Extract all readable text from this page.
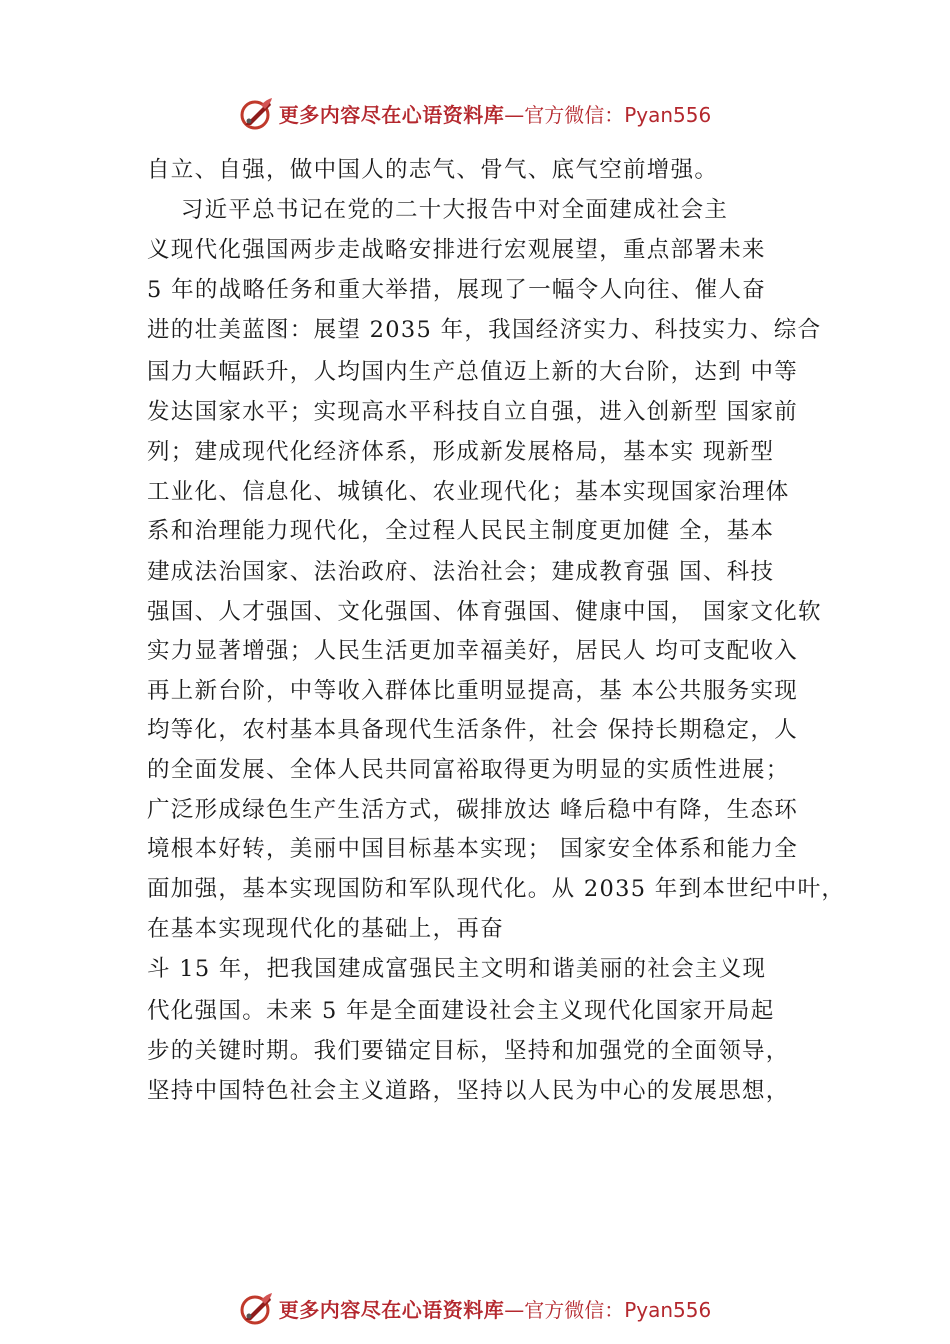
更多内容尽在心语资料库 —官方微信：Pyan556
自立、自强，做中国人的志气、骨气、底气空前增强。
习近平总书记在党的二十大报告中对全面建成社会主
义现代化强国两步走战略安排进行宏观展望，重点部署未来
5 年的战略任务和重大举措，展现了一幅令人向往、催人奋
进的壮美蓝图：展望 2035 年，我国经济实力、科技实力、综合
国力大幅跃升，人均国内生产总值迈上新的大台阶，达到 中等
发达国家水平；实现高水平科技自立自强，进入创新型 国家前
列；建成现代化经济体系，形成新发展格局，基本实 现新型
工业化、信息化、城镇化、农业现代化；基本实现国家治理体
系和治理能力现代化，全过程人民民主制度更加健 全，基本
建成法治国家、法治政府、法治社会；建成教育强 国、科技
强国、人才强国、文化强国、体育强国、健康中国， 国家文化软
实力显著增强；人民生活更加幸福美好，居民人 均可支配收入
再上新台阶，中等收入群体比重明显提高，基 本公共服务实现
均等化，农村基本具备现代生活条件，社会 保持长期稳定，人
的全面发展、全体人民共同富裕取得更为明显的实质性进展；
广泛形成绿色生产生活方式，碳排放达 峰后稳中有降，生态环
境根本好转，美丽中国目标基本实现； 国家安全体系和能力全
面加强，基本实现国防和军队现代化。从 2035 年到本世纪中叶，
在基本实现现代化的基础上，再奋
斗 15 年，把我国建成富强民主文明和谐美丽的社会主义现
代化强国。未来 5 年是全面建设社会主义现代化国家开局起
步的关键时期。我们要锚定目标，坚持和加强党的全面领导，
坚持中国特色社会主义道路，坚持以人民为中心的发展思想，
更多内容尽在心语资料库 —官方微信：Pyan556
